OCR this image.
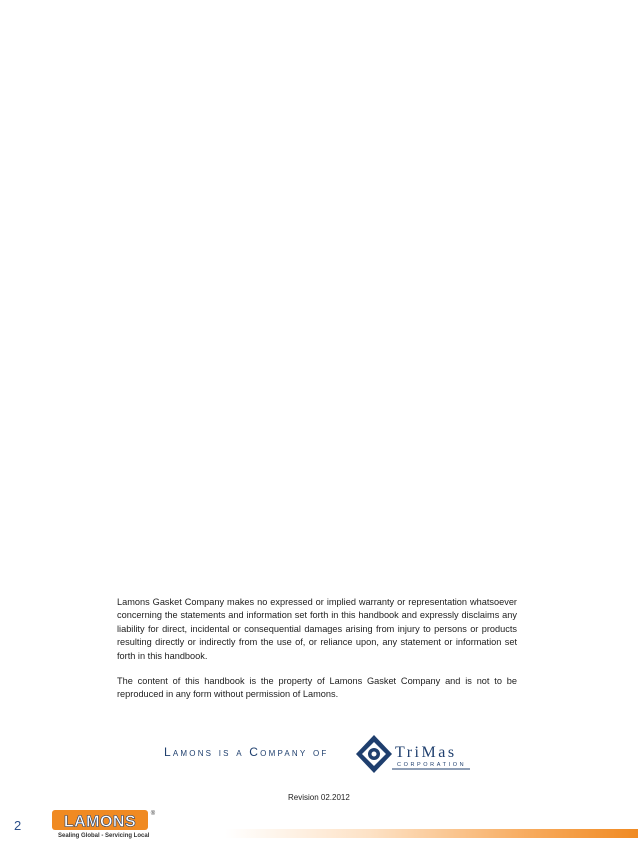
Lamons Gasket Company makes no expressed or implied warranty or representation whatsoever concerning the statements and information set forth in this handbook and expressly disclaims any liability for direct, incidental or consequential damages arising from injury to persons or products resulting directly or indirectly from the use of, or reliance upon, any statement or information set forth in this handbook.

The content of this handbook is the property of Lamons Gasket Company and is not to be reproduced in any form without permission of Lamons.

Lamons is a Company of	TriMas
CORPORATION
Revision 02.2012
2	LAMONS ®
Sealing Global - Servicing Local
